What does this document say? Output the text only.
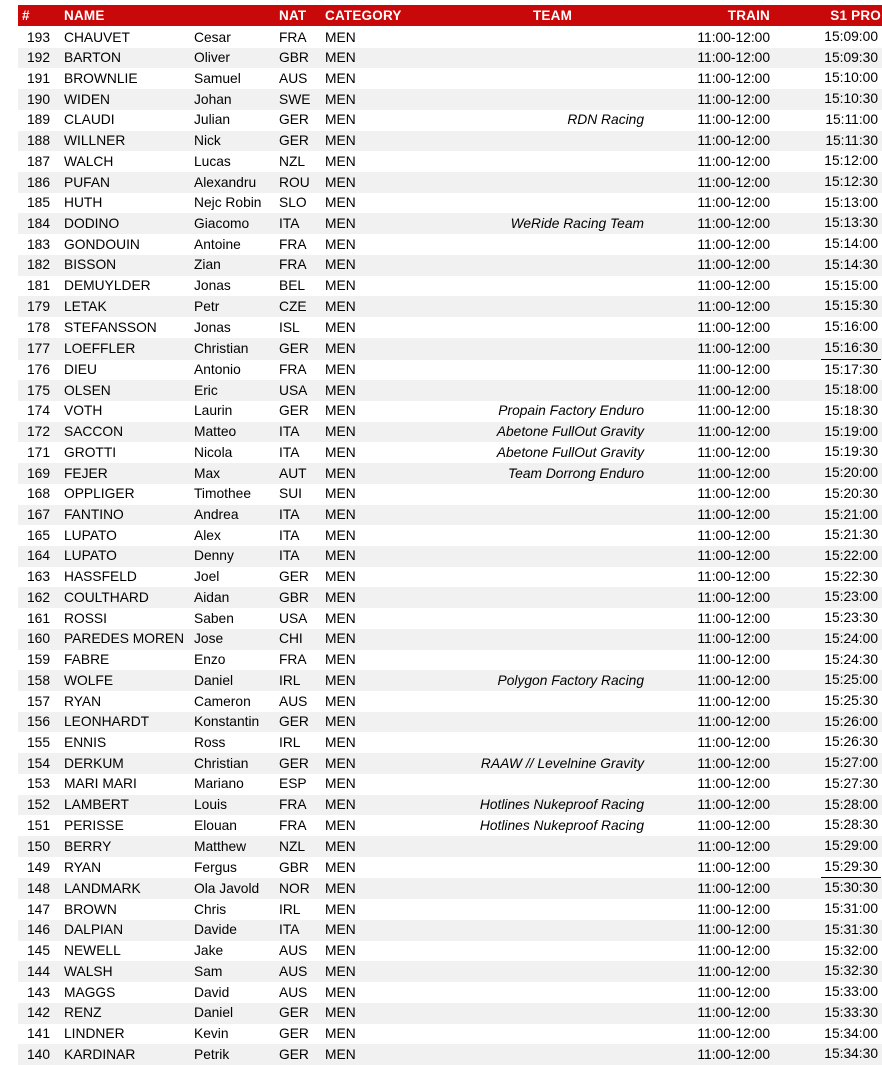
#	NAME		NAT	CATEGORY	TEAM	TRAIN	S1 PRO
193	CHAUVET	Cesar	FRA	MEN		11:00-12:00	15:09:00
192	BARTON	Oliver	GBR	MEN		11:00-12:00	15:09:30
191	BROWNLIE	Samuel	AUS	MEN		11:00-12:00	15:10:00
190	WIDEN	Johan	SWE	MEN		11:00-12:00	15:10:30
189	CLAUDI	Julian	GER	MEN	RDN Racing	11:00-12:00	15:11:00
188	WILLNER	Nick	GER	MEN		11:00-12:00	15:11:30
187	WALCH	Lucas	NZL	MEN		11:00-12:00	15:12:00
186	PUFAN	Alexandru	ROU	MEN		11:00-12:00	15:12:30
185	HUTH	Nejc Robin	SLO	MEN		11:00-12:00	15:13:00
184	DODINO	Giacomo	ITA	MEN	WeRide Racing Team	11:00-12:00	15:13:30
183	GONDOUIN	Antoine	FRA	MEN		11:00-12:00	15:14:00
182	BISSON	Zian	FRA	MEN		11:00-12:00	15:14:30
181	DEMUYLDER	Jonas	BEL	MEN		11:00-12:00	15:15:00
179	LETAK	Petr	CZE	MEN		11:00-12:00	15:15:30
178	STEFANSSON	Jonas	ISL	MEN		11:00-12:00	15:16:00
177	LOEFFLER	Christian	GER	MEN		11:00-12:00	15:16:30
176	DIEU	Antonio	FRA	MEN		11:00-12:00	15:17:30
175	OLSEN	Eric	USA	MEN		11:00-12:00	15:18:00
174	VOTH	Laurin	GER	MEN	Propain Factory Enduro	11:00-12:00	15:18:30
172	SACCON	Matteo	ITA	MEN	Abetone FullOut Gravity	11:00-12:00	15:19:00
171	GROTTI	Nicola	ITA	MEN	Abetone FullOut Gravity	11:00-12:00	15:19:30
169	FEJER	Max	AUT	MEN	Team Dorrong Enduro	11:00-12:00	15:20:00
168	OPPLIGER	Timothee	SUI	MEN		11:00-12:00	15:20:30
167	FANTINO	Andrea	ITA	MEN		11:00-12:00	15:21:00
165	LUPATO	Alex	ITA	MEN		11:00-12:00	15:21:30
164	LUPATO	Denny	ITA	MEN		11:00-12:00	15:22:00
163	HASSFELD	Joel	GER	MEN		11:00-12:00	15:22:30
162	COULTHARD	Aidan	GBR	MEN		11:00-12:00	15:23:00
161	ROSSI	Saben	USA	MEN		11:00-12:00	15:23:30
160	PAREDES MOREN	Jose	CHI	MEN		11:00-12:00	15:24:00
159	FABRE	Enzo	FRA	MEN		11:00-12:00	15:24:30
158	WOLFE	Daniel	IRL	MEN	Polygon Factory Racing	11:00-12:00	15:25:00
157	RYAN	Cameron	AUS	MEN		11:00-12:00	15:25:30
156	LEONHARDT	Konstantin	GER	MEN		11:00-12:00	15:26:00
155	ENNIS	Ross	IRL	MEN		11:00-12:00	15:26:30
154	DERKUM	Christian	GER	MEN	RAAW // Levelnine Gravity	11:00-12:00	15:27:00
153	MARI MARI	Mariano	ESP	MEN		11:00-12:00	15:27:30
152	LAMBERT	Louis	FRA	MEN	Hotlines Nukeproof Racing	11:00-12:00	15:28:00
151	PERISSE	Elouan	FRA	MEN	Hotlines Nukeproof Racing	11:00-12:00	15:28:30
150	BERRY	Matthew	NZL	MEN		11:00-12:00	15:29:00
149	RYAN	Fergus	GBR	MEN		11:00-12:00	15:29:30
148	LANDMARK	Ola Javold	NOR	MEN		11:00-12:00	15:30:30
147	BROWN	Chris	IRL	MEN		11:00-12:00	15:31:00
146	DALPIAN	Davide	ITA	MEN		11:00-12:00	15:31:30
145	NEWELL	Jake	AUS	MEN		11:00-12:00	15:32:00
144	WALSH	Sam	AUS	MEN		11:00-12:00	15:32:30
143	MAGGS	David	AUS	MEN		11:00-12:00	15:33:00
142	RENZ	Daniel	GER	MEN		11:00-12:00	15:33:30
141	LINDNER	Kevin	GER	MEN		11:00-12:00	15:34:00
140	KARDINAR	Petrik	GER	MEN		11:00-12:00	15:34:30
